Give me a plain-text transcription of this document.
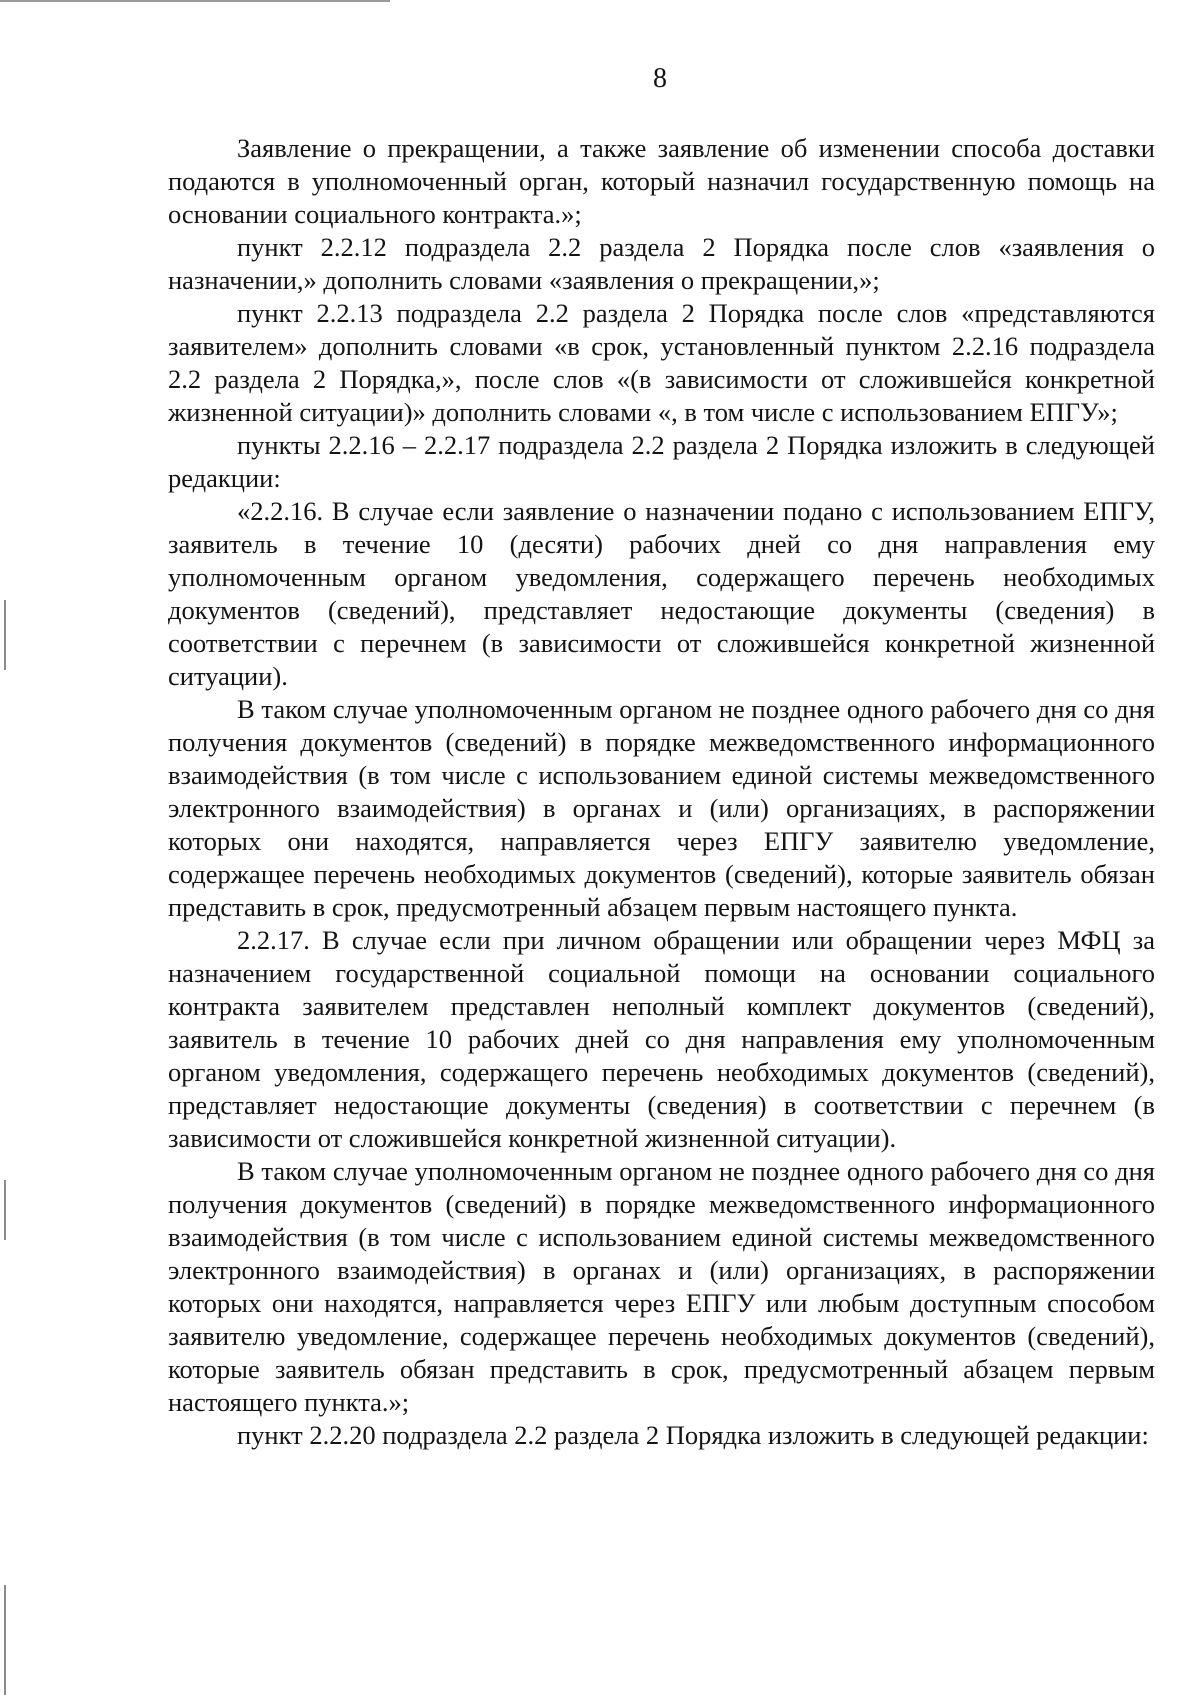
8

Заявление о прекращении, а также заявление об изменении способа доставки подаются в уполномоченный орган, который назначил государственную помощь на основании социального контракта.»;

пункт 2.2.12 подраздела 2.2 раздела 2 Порядка после слов «заявления о назначении,» дополнить словами «заявления о прекращении,»;

пункт 2.2.13 подраздела 2.2 раздела 2 Порядка после слов «представляются заявителем» дополнить словами «в срок, установленный пунктом 2.2.16 подраздела 2.2 раздела 2 Порядка,», после слов «(в зависимости от сложившейся конкретной жизненной ситуации)» дополнить словами «, в том числе с использованием ЕПГУ»;

пункты 2.2.16 – 2.2.17 подраздела 2.2 раздела 2 Порядка изложить в следующей редакции:

«2.2.16. В случае если заявление о назначении подано с использованием ЕПГУ, заявитель в течение 10 (десяти) рабочих дней со дня направления ему уполномоченным органом уведомления, содержащего перечень необходимых документов (сведений), представляет недостающие документы (сведения) в соответствии с перечнем (в зависимости от сложившейся конкретной жизненной ситуации).

В таком случае уполномоченным органом не позднее одного рабочего дня со дня получения документов (сведений) в порядке межведомственного информационного взаимодействия (в том числе с использованием единой системы межведомственного электронного взаимодействия) в органах и (или) организациях, в распоряжении которых они находятся, направляется через ЕПГУ заявителю уведомление, содержащее перечень необходимых документов (сведений), которые заявитель обязан представить в срок, предусмотренный абзацем первым настоящего пункта.

2.2.17. В случае если при личном обращении или обращении через МФЦ за назначением государственной социальной помощи на основании социального контракта заявителем представлен неполный комплект документов (сведений), заявитель в течение 10 рабочих дней со дня направления ему уполномоченным органом уведомления, содержащего перечень необходимых документов (сведений), представляет недостающие документы (сведения) в соответствии с перечнем (в зависимости от сложившейся конкретной жизненной ситуации).

В таком случае уполномоченным органом не позднее одного рабочего дня со дня получения документов (сведений) в порядке межведомственного информационного взаимодействия (в том числе с использованием единой системы межведомственного электронного взаимодействия) в органах и (или) организациях, в распоряжении которых они находятся, направляется через ЕПГУ или любым доступным способом заявителю уведомление, содержащее перечень необходимых документов (сведений), которые заявитель обязан представить в срок, предусмотренный абзацем первым настоящего пункта.»;

пункт 2.2.20 подраздела 2.2 раздела 2 Порядка изложить в следующей редакции:
